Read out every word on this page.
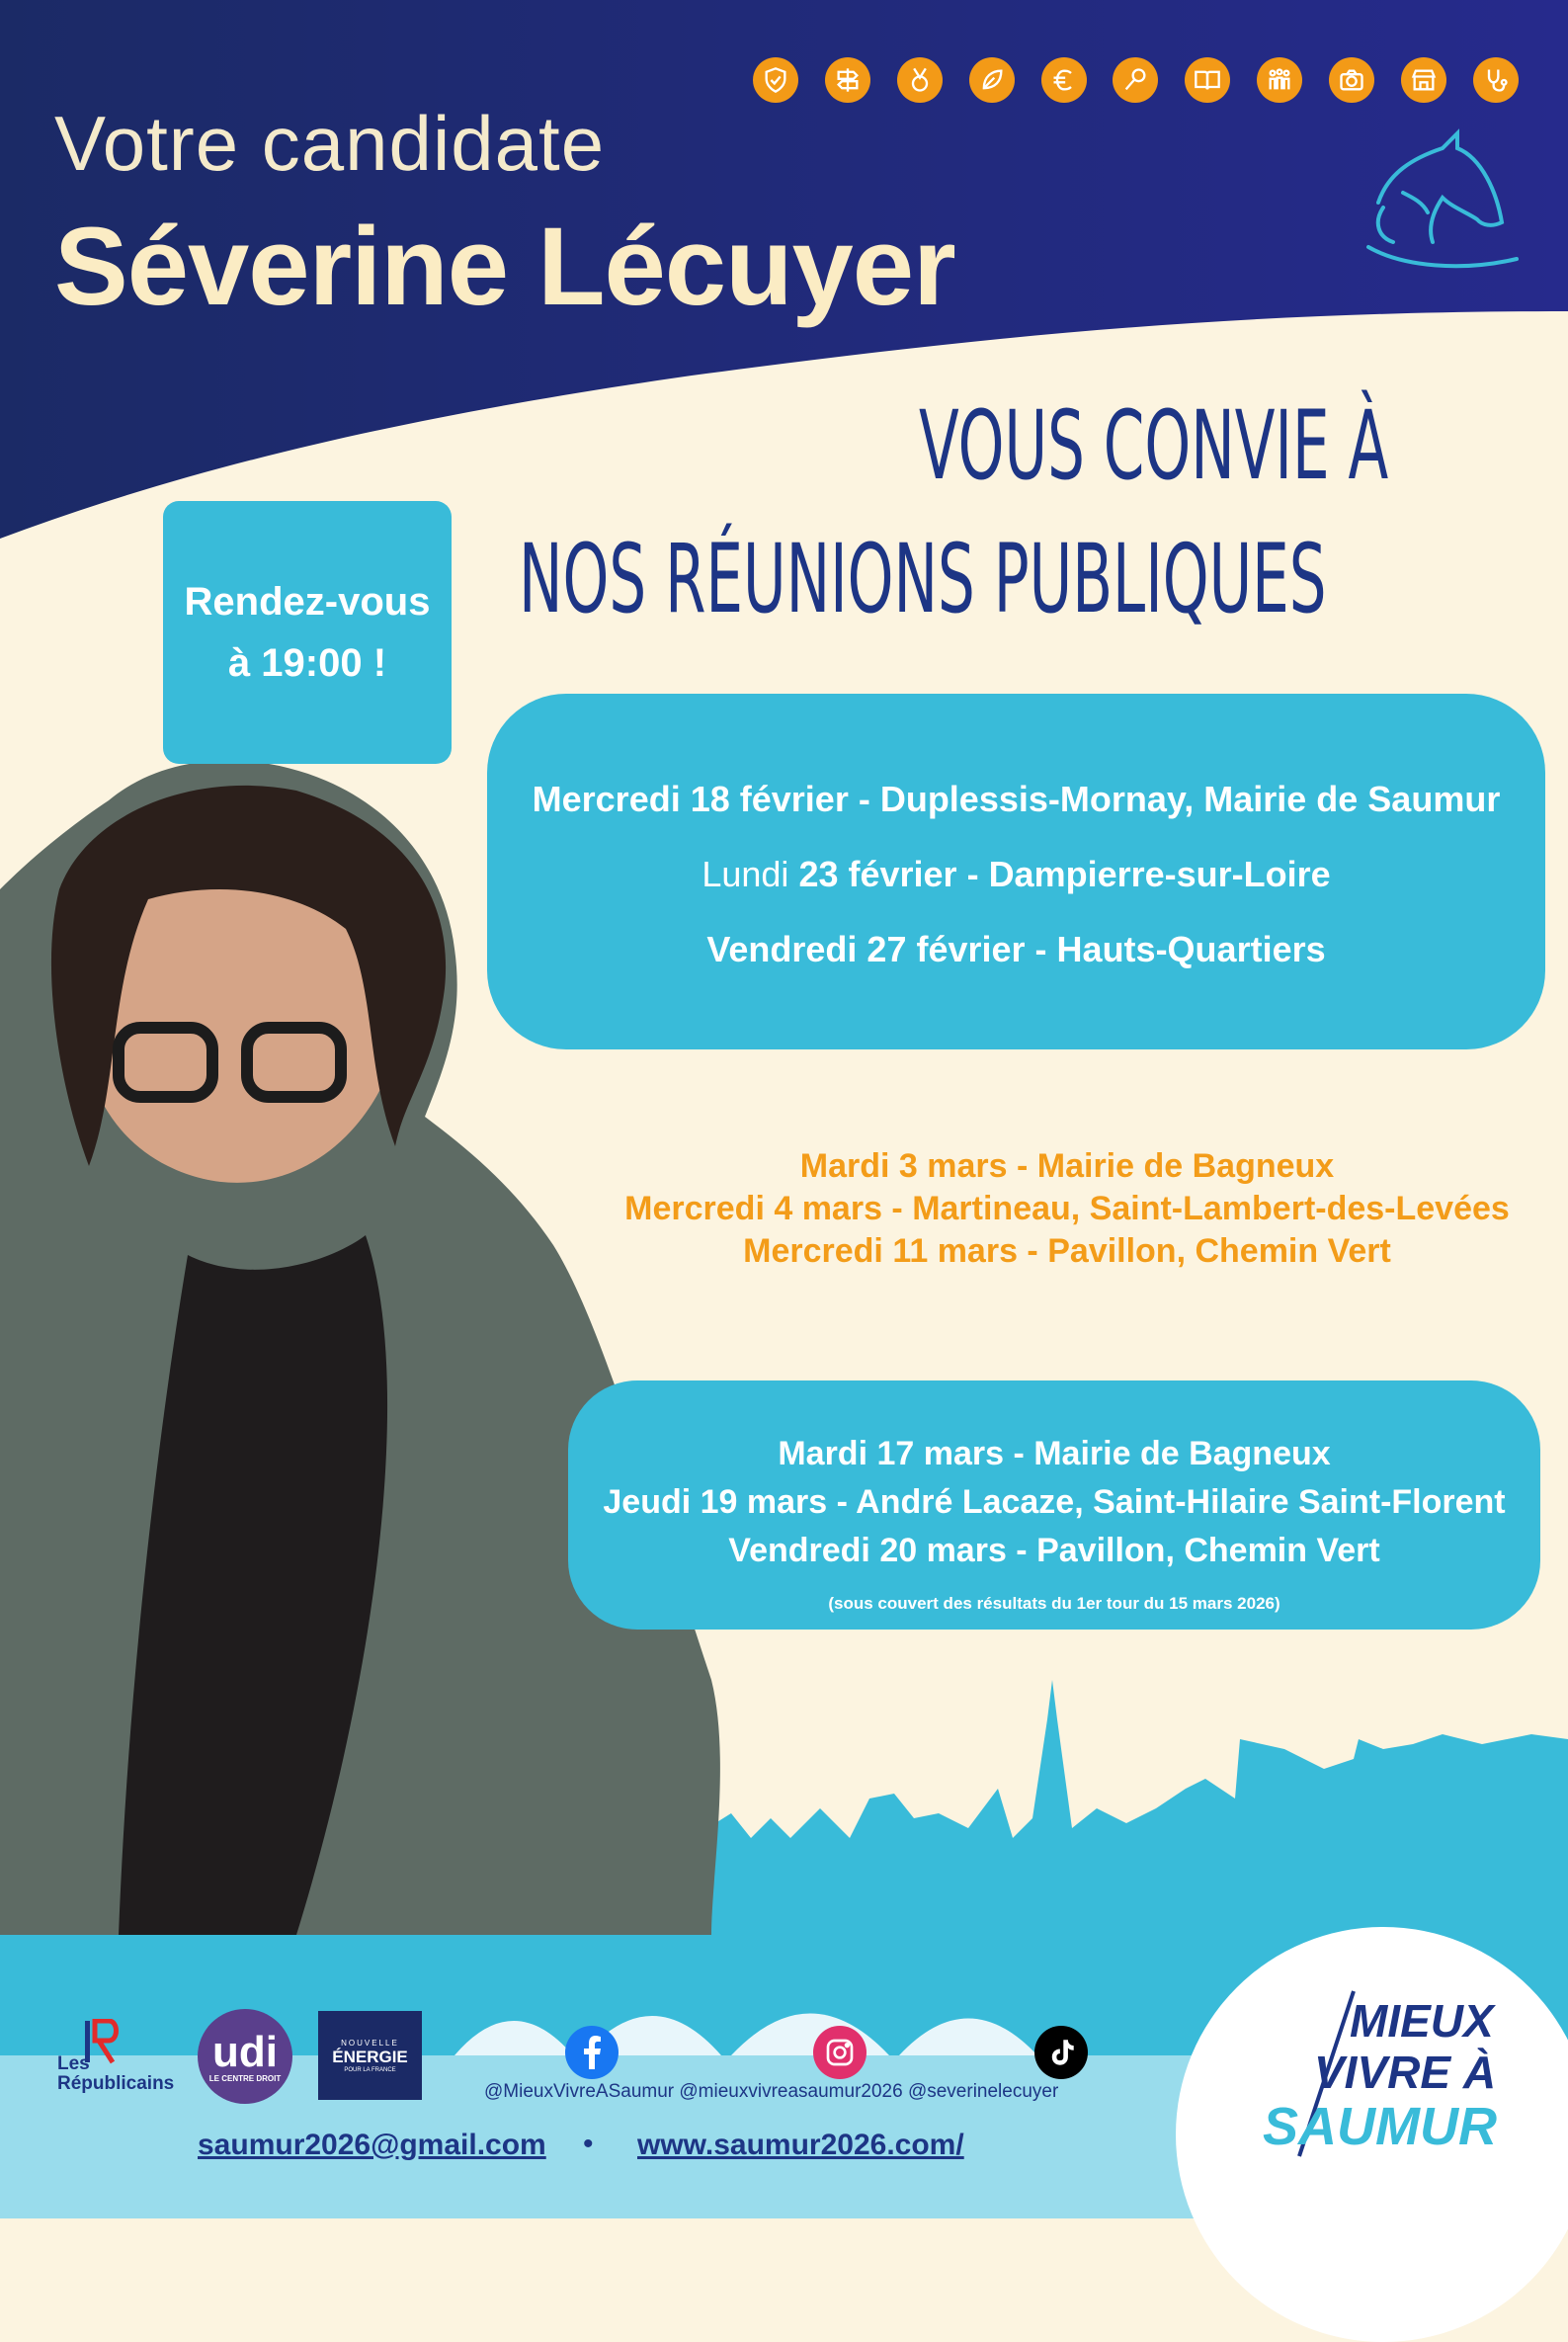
Votre candidate
Séverine Lécuyer
VOUS CONVIE À
NOS RÉUNIONS PUBLIQUES
Rendez-vous
à 19:00 !
Mercredi 18 février - Duplessis-Mornay, Mairie de Saumur
Lundi 23 février - Dampierre-sur-Loire
Vendredi 27 février - Hauts-Quartiers
Mardi 3 mars - Mairie de Bagneux
Mercredi 4 mars - Martineau, Saint-Lambert-des-Levées
Mercredi 11 mars - Pavillon, Chemin Vert
Mardi 17 mars - Mairie de Bagneux
Jeudi 19 mars - André Lacaze, Saint-Hilaire Saint-Florent
Vendredi 20 mars - Pavillon, Chemin Vert
(sous couvert des résultats du 1er tour du 15 mars 2026)
Les Républicains
udi
LE CENTRE DROIT
NOUVELLE
ÉNERGIE
POUR LA FRANCE
@MieuxVivreASaumur @mieuxvivreasaumur2026 @severinelecuyer
saumur2026@gmail.com • www.saumur2026.com/
MIEUX
VIVRE À
SAUMUR
